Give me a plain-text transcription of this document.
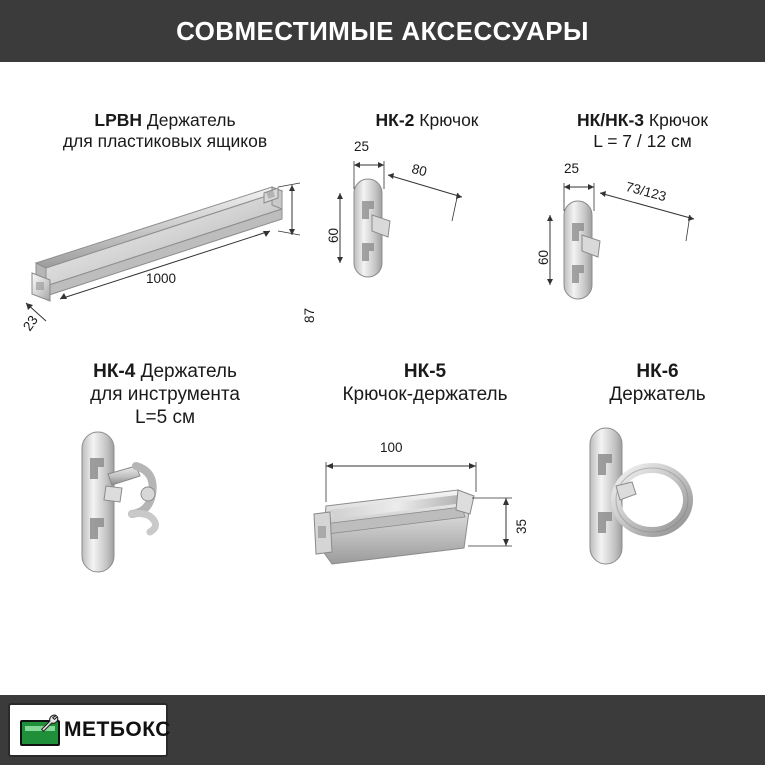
СОВМЕСТИМЫЕ АКСЕССУАРЫ
LPBH Держатель
для пластиковых ящиков
87
1000
23
НК-2 Крючок
25
80
60
НК/НК-3 Крючок
L = 7 / 12 см
25
73/123
60
НК-4 Держатель
для инструмента
L=5 см
НК-5
Крючок-держатель
100
35
НК-6
Держатель
МЕТБОКС
